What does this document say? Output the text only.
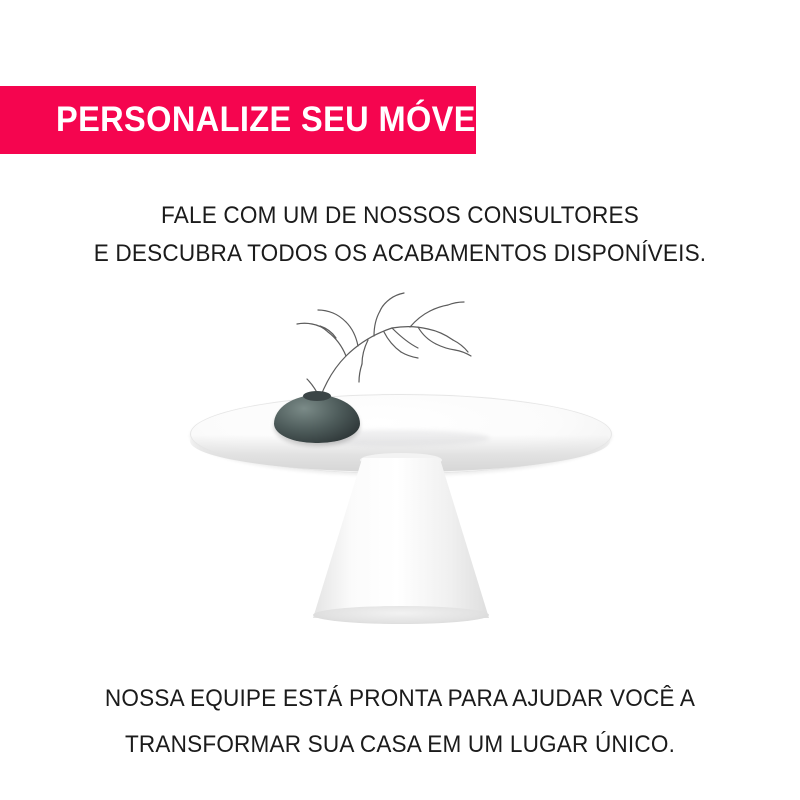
PERSONALIZE SEU MÓVEL
FALE COM UM DE NOSSOS CONSULTORES
E DESCUBRA TODOS OS ACABAMENTOS DISPONÍVEIS.
NOSSA EQUIPE ESTÁ PRONTA PARA AJUDAR VOCÊ A
TRANSFORMAR SUA CASA EM UM LUGAR ÚNICO.
